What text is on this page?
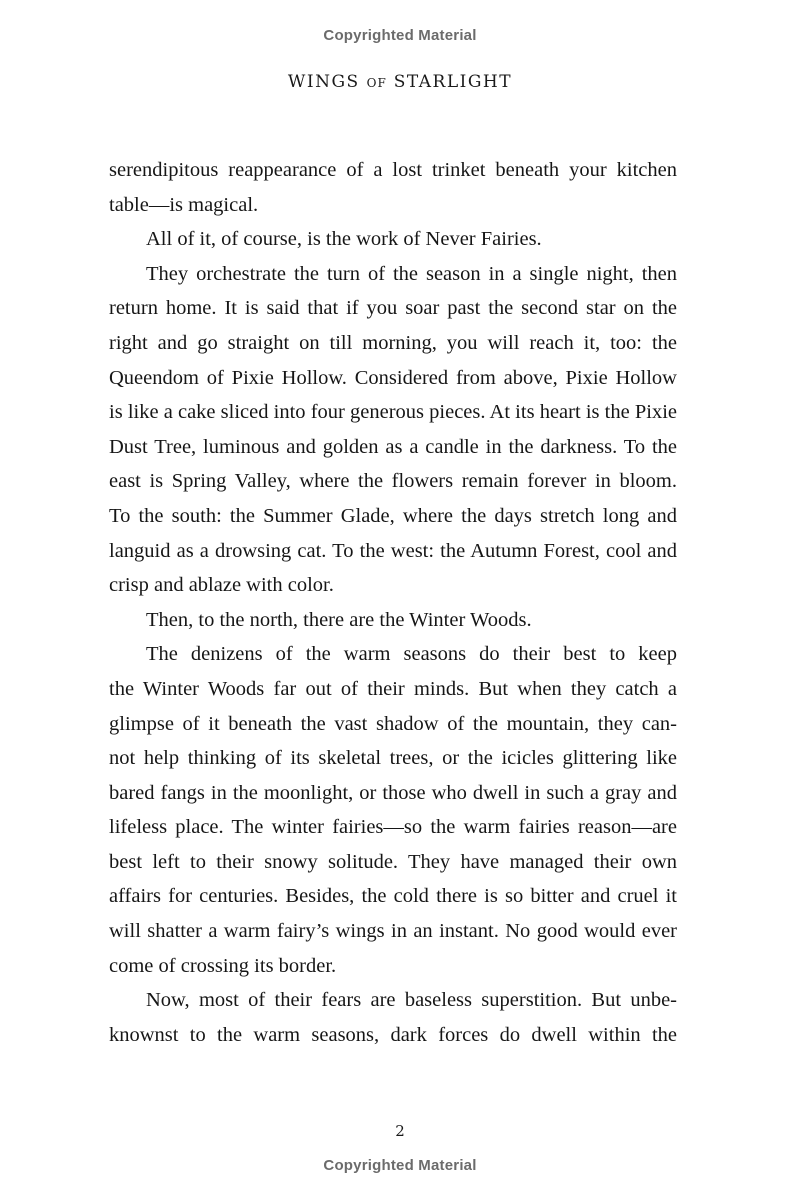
Copyrighted Material
WINGS OF STARLIGHT
serendipitous reappearance of a lost trinket beneath your kitchen
table—is magical.
All of it, of course, is the work of Never Fairies.
They orchestrate the turn of the season in a single night, then
return home. It is said that if you soar past the second star on the
right and go straight on till morning, you will reach it, too: the
Queendom of Pixie Hollow. Considered from above, Pixie Hollow
is like a cake sliced into four generous pieces. At its heart is the Pixie
Dust Tree, luminous and golden as a candle in the darkness. To the
east is Spring Valley, where the flowers remain forever in bloom.
To the south: the Summer Glade, where the days stretch long and
languid as a drowsing cat. To the west: the Autumn Forest, cool and
crisp and ablaze with color.
Then, to the north, there are the Winter Woods.
The denizens of the warm seasons do their best to keep
the Winter Woods far out of their minds. But when they catch a
glimpse of it beneath the vast shadow of the mountain, they can-
not help thinking of its skeletal trees, or the icicles glittering like
bared fangs in the moonlight, or those who dwell in such a gray and
lifeless place. The winter fairies—so the warm fairies reason—are
best left to their snowy solitude. They have managed their own
affairs for centuries. Besides, the cold there is so bitter and cruel it
will shatter a warm fairy’s wings in an instant. No good would ever
come of crossing its border.
Now, most of their fears are baseless superstition. But unbe-
knownst to the warm seasons, dark forces do dwell within the
2
Copyrighted Material
